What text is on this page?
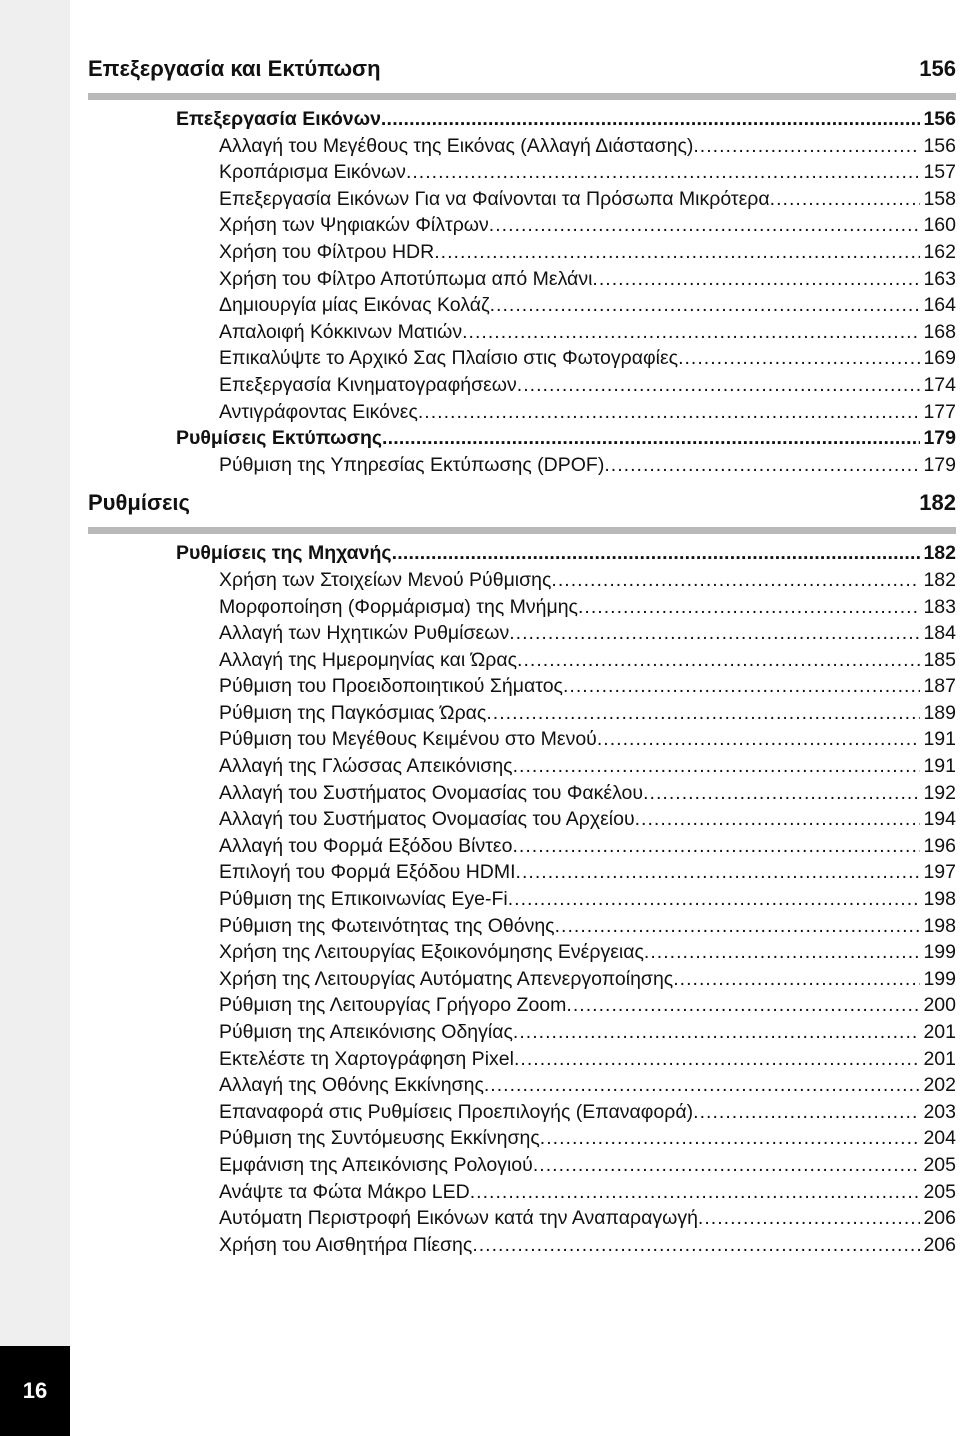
16
Επεξεργασία και Εκτύπωση	156
Επεξεργασία Εικόνων . . .	156
Αλλαγή του Μεγέθους της Εικόνας (Αλλαγή Διάστασης) . . .	156
Κροπάρισμα Εικόνων . . .	157
Επεξεργασία Εικόνων Για να Φαίνονται τα Πρόσωπα Μικρότερα . . .	158
Χρήση των Ψηφιακών Φίλτρων . . .	160
Χρήση του Φίλτρου HDR . . .	162
Χρήση του Φίλτρο Αποτύπωμα από Μελάνι . . .	163
Δημιουργία μίας Εικόνας Κολάζ . . .	164
Απαλοιφή Κόκκινων Ματιών . . .	168
Επικαλύψτε το Αρχικό Σας Πλαίσιο στις Φωτογραφίες . . .	169
Επεξεργασία Κινηματογραφήσεων . . .	174
Αντιγράφοντας Εικόνες . . .	177
Ρυθμίσεις Εκτύπωσης . . .	179
Ρύθμιση της Υπηρεσίας Εκτύπωσης (DPOF) . . .	179
Ρυθμίσεις	182
Ρυθμίσεις της Μηχανής . . .	182
Χρήση των Στοιχείων Μενού Ρύθμισης . . .	182
Μορφοποίηση (Φορμάρισμα) της Μνήμης . . .	183
Αλλαγή των Ηχητικών Ρυθμίσεων . . .	184
Αλλαγή της Ημερομηνίας και Ώρας . . .	185
Ρύθμιση του Προειδοποιητικού Σήματος . . .	187
Ρύθμιση της Παγκόσμιας Ώρας . . .	189
Ρύθμιση του Μεγέθους Κειμένου στο Μενού . . .	191
Αλλαγή της Γλώσσας Απεικόνισης . . .	191
Αλλαγή του Συστήματος Ονομασίας του Φακέλου . . .	192
Αλλαγή του Συστήματος Ονομασίας του Αρχείου . . .	194
Αλλαγή του Φορμά Εξόδου Βίντεο . . .	196
Επιλογή του Φορμά Εξόδου HDMI . . .	197
Ρύθμιση της Επικοινωνίας Eye-Fi . . .	198
Ρύθμιση της Φωτεινότητας της Οθόνης . . .	198
Χρήση της Λειτουργίας Εξοικονόμησης Ενέργειας . . .	199
Χρήση της Λειτουργίας Αυτόματης Απενεργοποίησης . . .	199
Ρύθμιση της Λειτουργίας Γρήγορο Zoom . . .	200
Ρύθμιση της Απεικόνισης Οδηγίας . . .	201
Εκτελέστε τη Χαρτογράφηση Pixel . . .	201
Αλλαγή της Οθόνης Εκκίνησης . . .	202
Επαναφορά στις Ρυθμίσεις Προεπιλογής (Επαναφορά) . . .	203
Ρύθμιση της Συντόμευσης Εκκίνησης . . .	204
Εμφάνιση της Απεικόνισης Ρολογιού . . .	205
Ανάψτε τα Φώτα Μάκρο LED . . .	205
Αυτόματη Περιστροφή Εικόνων κατά την Αναπαραγωγή . . .	206
Χρήση του Αισθητήρα Πίεσης . . .	206
